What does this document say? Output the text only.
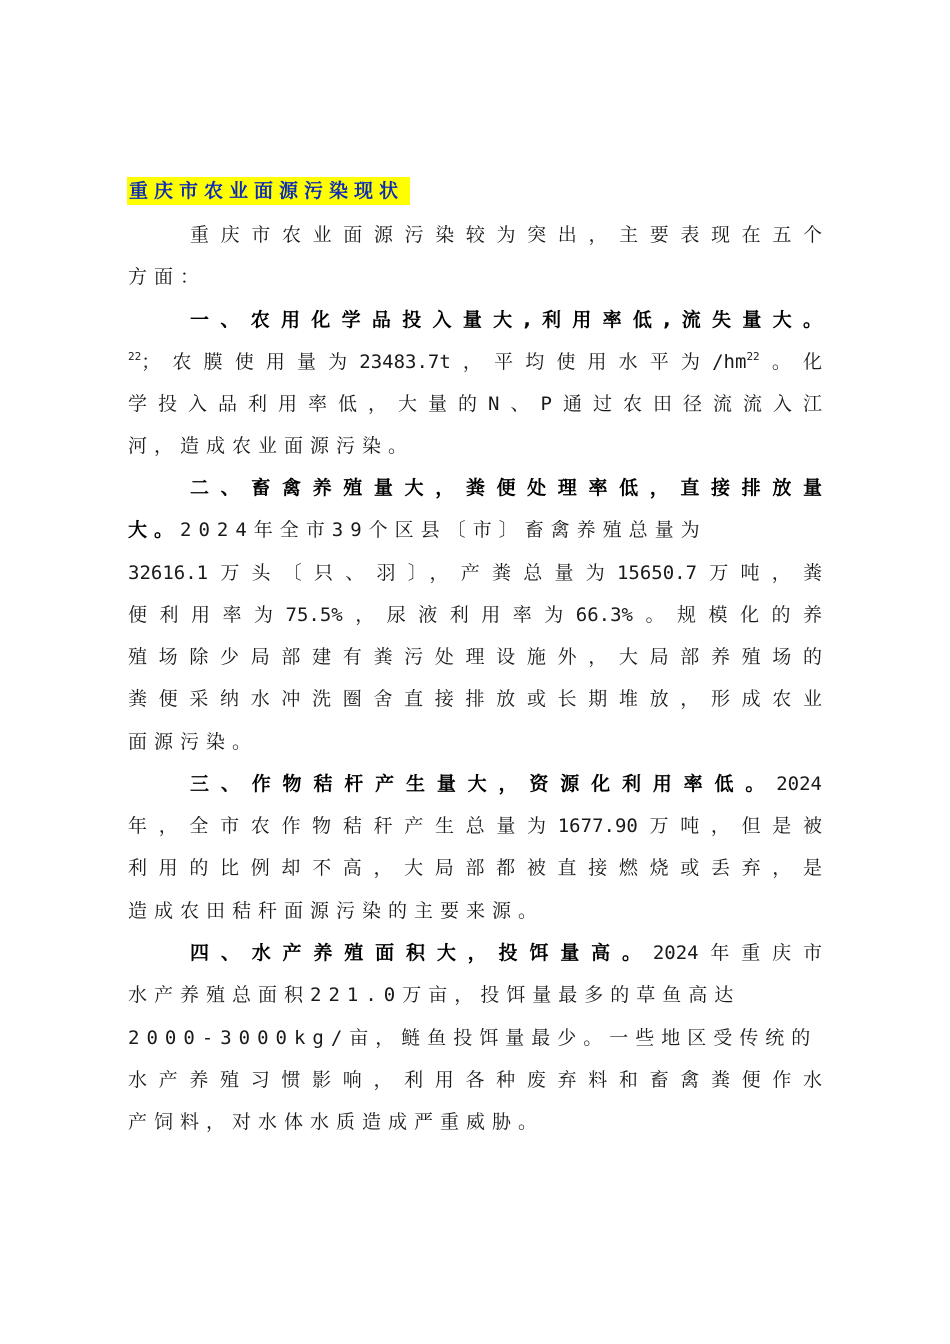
重庆市农业面源污染现状
重庆市农业面源污染较为突出，主要表现在五个
方面：
一、农用化学品投入量大,利用率低,流失量大。
$^{22}$；农膜使用量为23483.7t，平均使用水平为$/hm^{22}$。化
学投入品利用率低，大量的N、P通过农田径流流入江
河，造成农业面源污染。
二、畜禽养殖量大，粪便处理率低，直接排放量
大。2024年全市39个区县〔市〕畜禽养殖总量为
32616.1万头〔只、羽〕，产粪总量为15650.7万吨，粪
便利用率为75.5%，尿液利用率为66.3%。规模化的养
殖场除少局部建有粪污处理设施外，大局部养殖场的
粪便采纳水冲洗圈舍直接排放或长期堆放，形成农业
面源污染。
三、作物秸杆产生量大，资源化利用率低。2024
年，全市农作物秸秆产生总量为1677.90万吨，但是被
利用的比例却不高，大局部都被直接燃烧或丢弃，是
造成农田秸秆面源污染的主要来源。
四、水产养殖面积大，投饵量高。2024年重庆市
水产养殖总面积221.0万亩，投饵量最多的草鱼高达
2000-3000kg/亩，鲢鱼投饵量最少。一些地区受传统的
水产养殖习惯影响，利用各种废弃料和畜禽粪便作水
产饲料，对水体水质造成严重威胁。
